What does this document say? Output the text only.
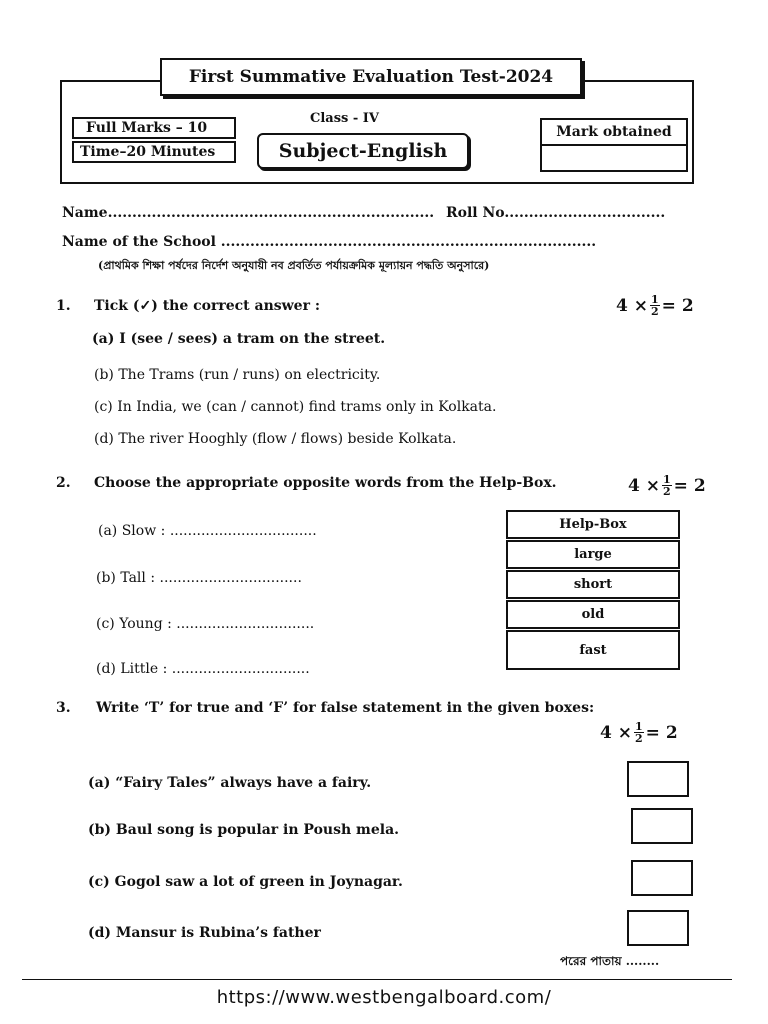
First Summative Evaluation Test-2024
Class - IV
Full Marks – 10
Time–20 Minutes	Subject-English
Mark obtained
Name................................................................... Roll No.................................
Name of the School .............................................................................
(প্রাথমিক শিক্ষা পর্ষদের নির্দেশ অনুযায়ী নব প্রবর্তিত পর্যায়ক্রমিক মূল্যায়ন পদ্ধতি অনুসারে)
1. Tick (✓) the correct answer :	$4 \times \frac{1}{2} = 2$
(a) I (see / sees) a tram on the street.
(b) The Trams (run / runs) on electricity.
(c) In India, we (can / cannot) find trams only in Kolkata.
(d) The river Hooghly (flow / flows) beside Kolkata.
2. Choose the appropriate opposite words from the Help-Box.	$4 \times \frac{1}{2} = 2$
(a) Slow : .................................
(b) Tall : ................................
(c) Young : ...............................
(d) Little : ...............................
Help-Box
large
short
old
fast
3. Write ‘T’ for true and ‘F’ for false statement in the given boxes:
$4 \times \frac{1}{2} = 2$
(a) “Fairy Tales” always have a fairy.
(b) Baul song is popular in Poush mela.
(c) Gogol saw a lot of green in Joynagar.
(d) Mansur is Rubina’s father
পরের পাতায় ........
https://www.westbengalboard.com/
